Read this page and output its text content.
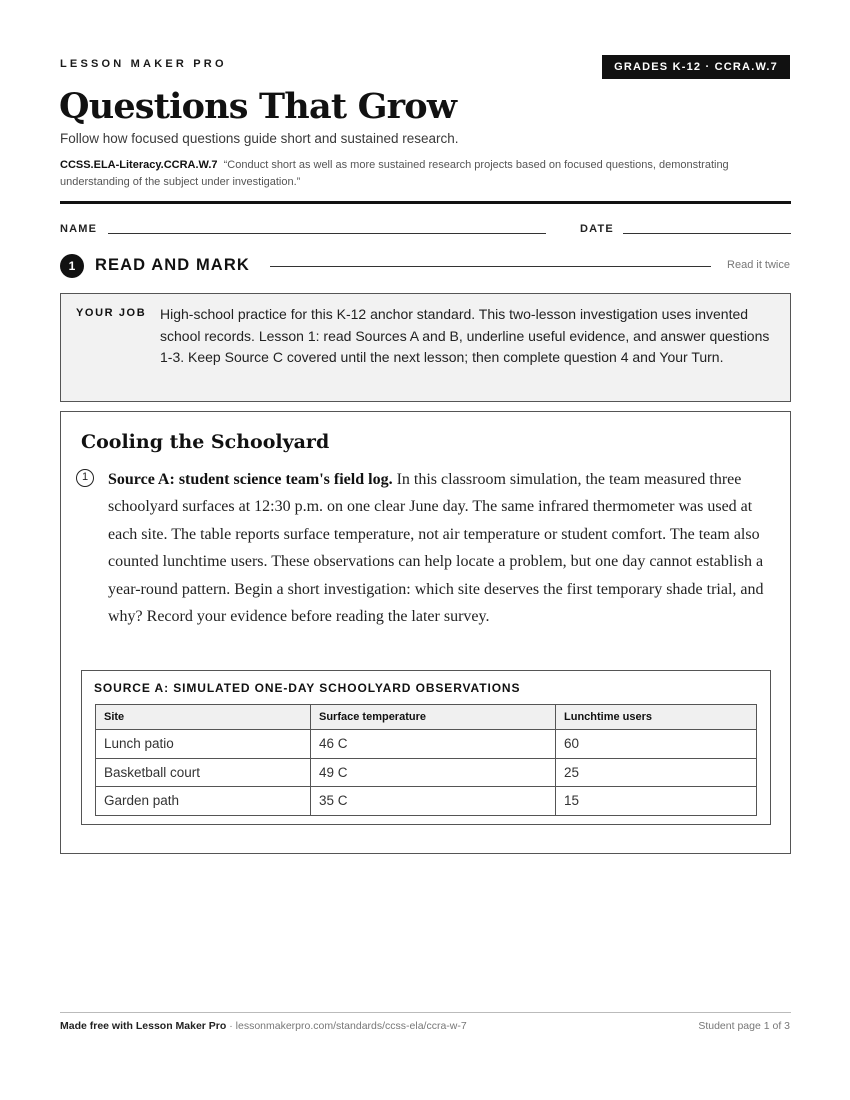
LESSON MAKER PRO	GRADES K-12 · CCRA.W.7
Questions That Grow
Follow how focused questions guide short and sustained research.
CCSS.ELA-Literacy.CCRA.W.7 “Conduct short as well as more sustained research projects based on focused questions, demonstrating understanding of the subject under investigation.”
NAME	DATE
1	READ AND MARK	Read it twice
YOUR JOB High-school practice for this K-12 anchor standard. This two-lesson investigation uses invented school records. Lesson 1: read Sources A and B, underline useful evidence, and answer questions 1-3. Keep Source C covered until the next lesson; then complete question 4 and Your Turn.
Cooling the Schoolyard
1	Source A: student science team's field log. In this classroom simulation, the team measured three schoolyard surfaces at 12:30 p.m. on one clear June day. The same infrared thermometer was used at each site. The table reports surface temperature, not air temperature or student comfort. The team also counted lunchtime users. These observations can help locate a problem, but one day cannot establish a year-round pattern. Begin a short investigation: which site deserves the first temporary shade trial, and why? Record your evidence before reading the later survey.

SOURCE A: SIMULATED ONE-DAY SCHOOLYARD OBSERVATIONS
Site	Surface temperature	Lunchtime users
Lunch patio	46 C	60
Basketball court	49 C	25
Garden path	35 C	15
Made free with Lesson Maker Pro · lessonmakerpro.com/standards/ccss-ela/ccra-w-7	Student page 1 of 3
